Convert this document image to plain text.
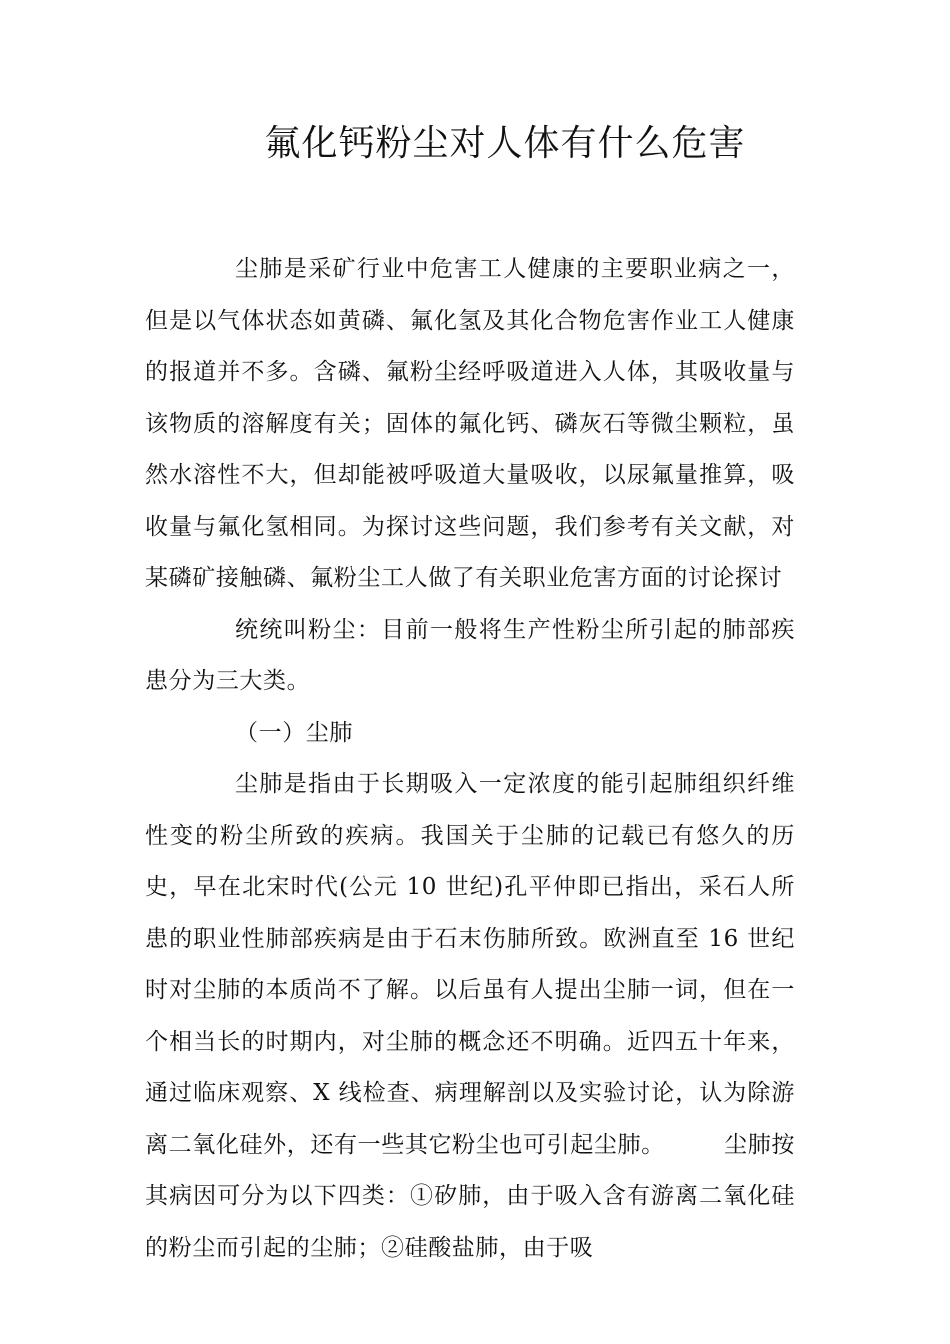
氟化钙粉尘对人体有什么危害

尘肺是采矿行业中危害工人健康的主要职业病之一，但是以气体状态如黄磷、氟化氢及其化合物危害作业工人健康的报道并不多。含磷、氟粉尘经呼吸道进入人体，其吸收量与该物质的溶解度有关；固体的氟化钙、磷灰石等微尘颗粒，虽然水溶性不大，但却能被呼吸道大量吸收，以尿氟量推算，吸收量与氟化氢相同。为探讨这些问题，我们参考有关文献，对某磷矿接触磷、氟粉尘工人做了有关职业危害方面的讨论探讨

统统叫粉尘：目前一般将生产性粉尘所引起的肺部疾患分为三大类。

（一）尘肺

尘肺是指由于长期吸入一定浓度的能引起肺组织纤维性变的粉尘所致的疾病。我国关于尘肺的记载已有悠久的历史，早在北宋时代(公元 10 世纪)孔平仲即已指出，采石人所患的职业性肺部疾病是由于石末伤肺所致。欧洲直至 16 世纪时对尘肺的本质尚不了解。以后虽有人提出尘肺一词，但在一个相当长的时期内，对尘肺的概念还不明确。近四五十年来，通过临床观察、X 线检查、病理解剖以及实验讨论，认为除游离二氧化硅外，还有一些其它粉尘也可引起尘肺。　　　尘肺按其病因可分为以下四类：①矽肺，由于吸入含有游离二氧化硅的粉尘而引起的尘肺；②硅酸盐肺，由于吸
